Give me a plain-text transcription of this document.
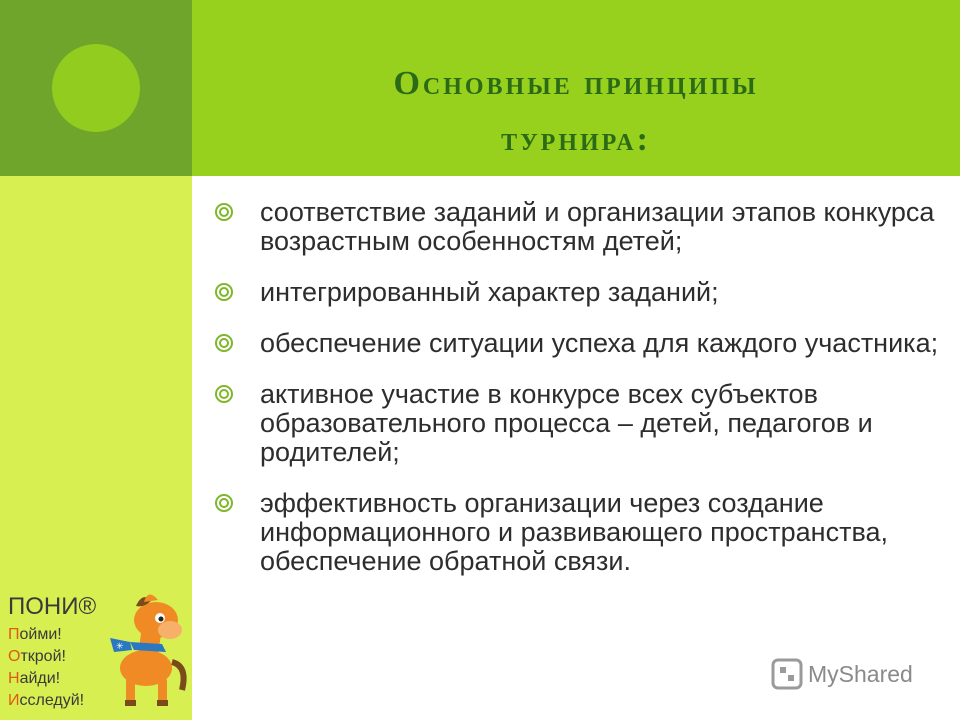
Основные принципы
турнира:
соответствие заданий и организации этапов конкурса возрастным особенностям детей;
интегрированный характер заданий;
обеспечение ситуации успеха для каждого участника;
активное участие в конкурсе всех субъектов образовательного процесса – детей, педагогов и родителей;
эффективность организации через создание информационного и развивающего пространства, обеспечение обратной связи.
ПОНИ®
Пойми!
Открой!
Найди!
Исследуй!
✳
MyShared
